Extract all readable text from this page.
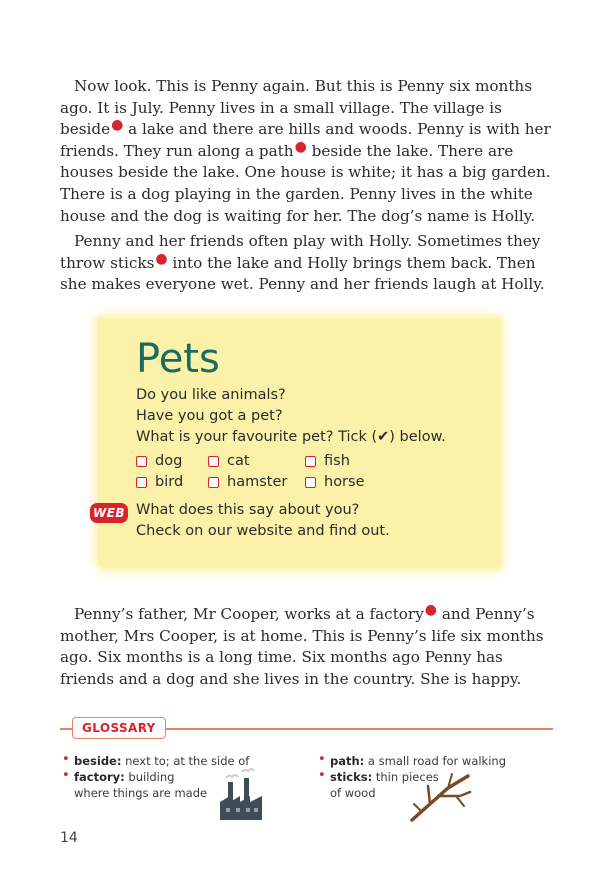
Now look. This is Penny again. But this is Penny six months ago. It is July. Penny lives in a small village. The village is beside● a lake and there are hills and woods. Penny is with her friends. They run along a path● beside the lake. There are houses beside the lake. One house is white; it has a big garden. There is a dog playing in the garden. Penny lives in the white house and the dog is waiting for her. The dog’s name is Holly.

Penny and her friends often play with Holly. Sometimes they throw sticks● into the lake and Holly brings them back. Then she makes everyone wet. Penny and her friends laugh at Holly.

Pets

Do you like animals?

Have you got a pet?

What is your favourite pet? Tick (✔) below.

dog	cat	fish
bird	hamster	horse
WEB What does this say about you?

Check on our website and find out.

Penny’s father, Mr Cooper, works at a factory● and Penny’s mother, Mrs Cooper, is at home. This is Penny’s life six months ago. Six months is a long time. Six months ago Penny has friends and a dog and she lives in the country. She is happy.

GLOSSARY

• beside: next to; at the side of

• factory: building

where things are made

• path: a small road for walking

• sticks: thin pieces

of wood

14
